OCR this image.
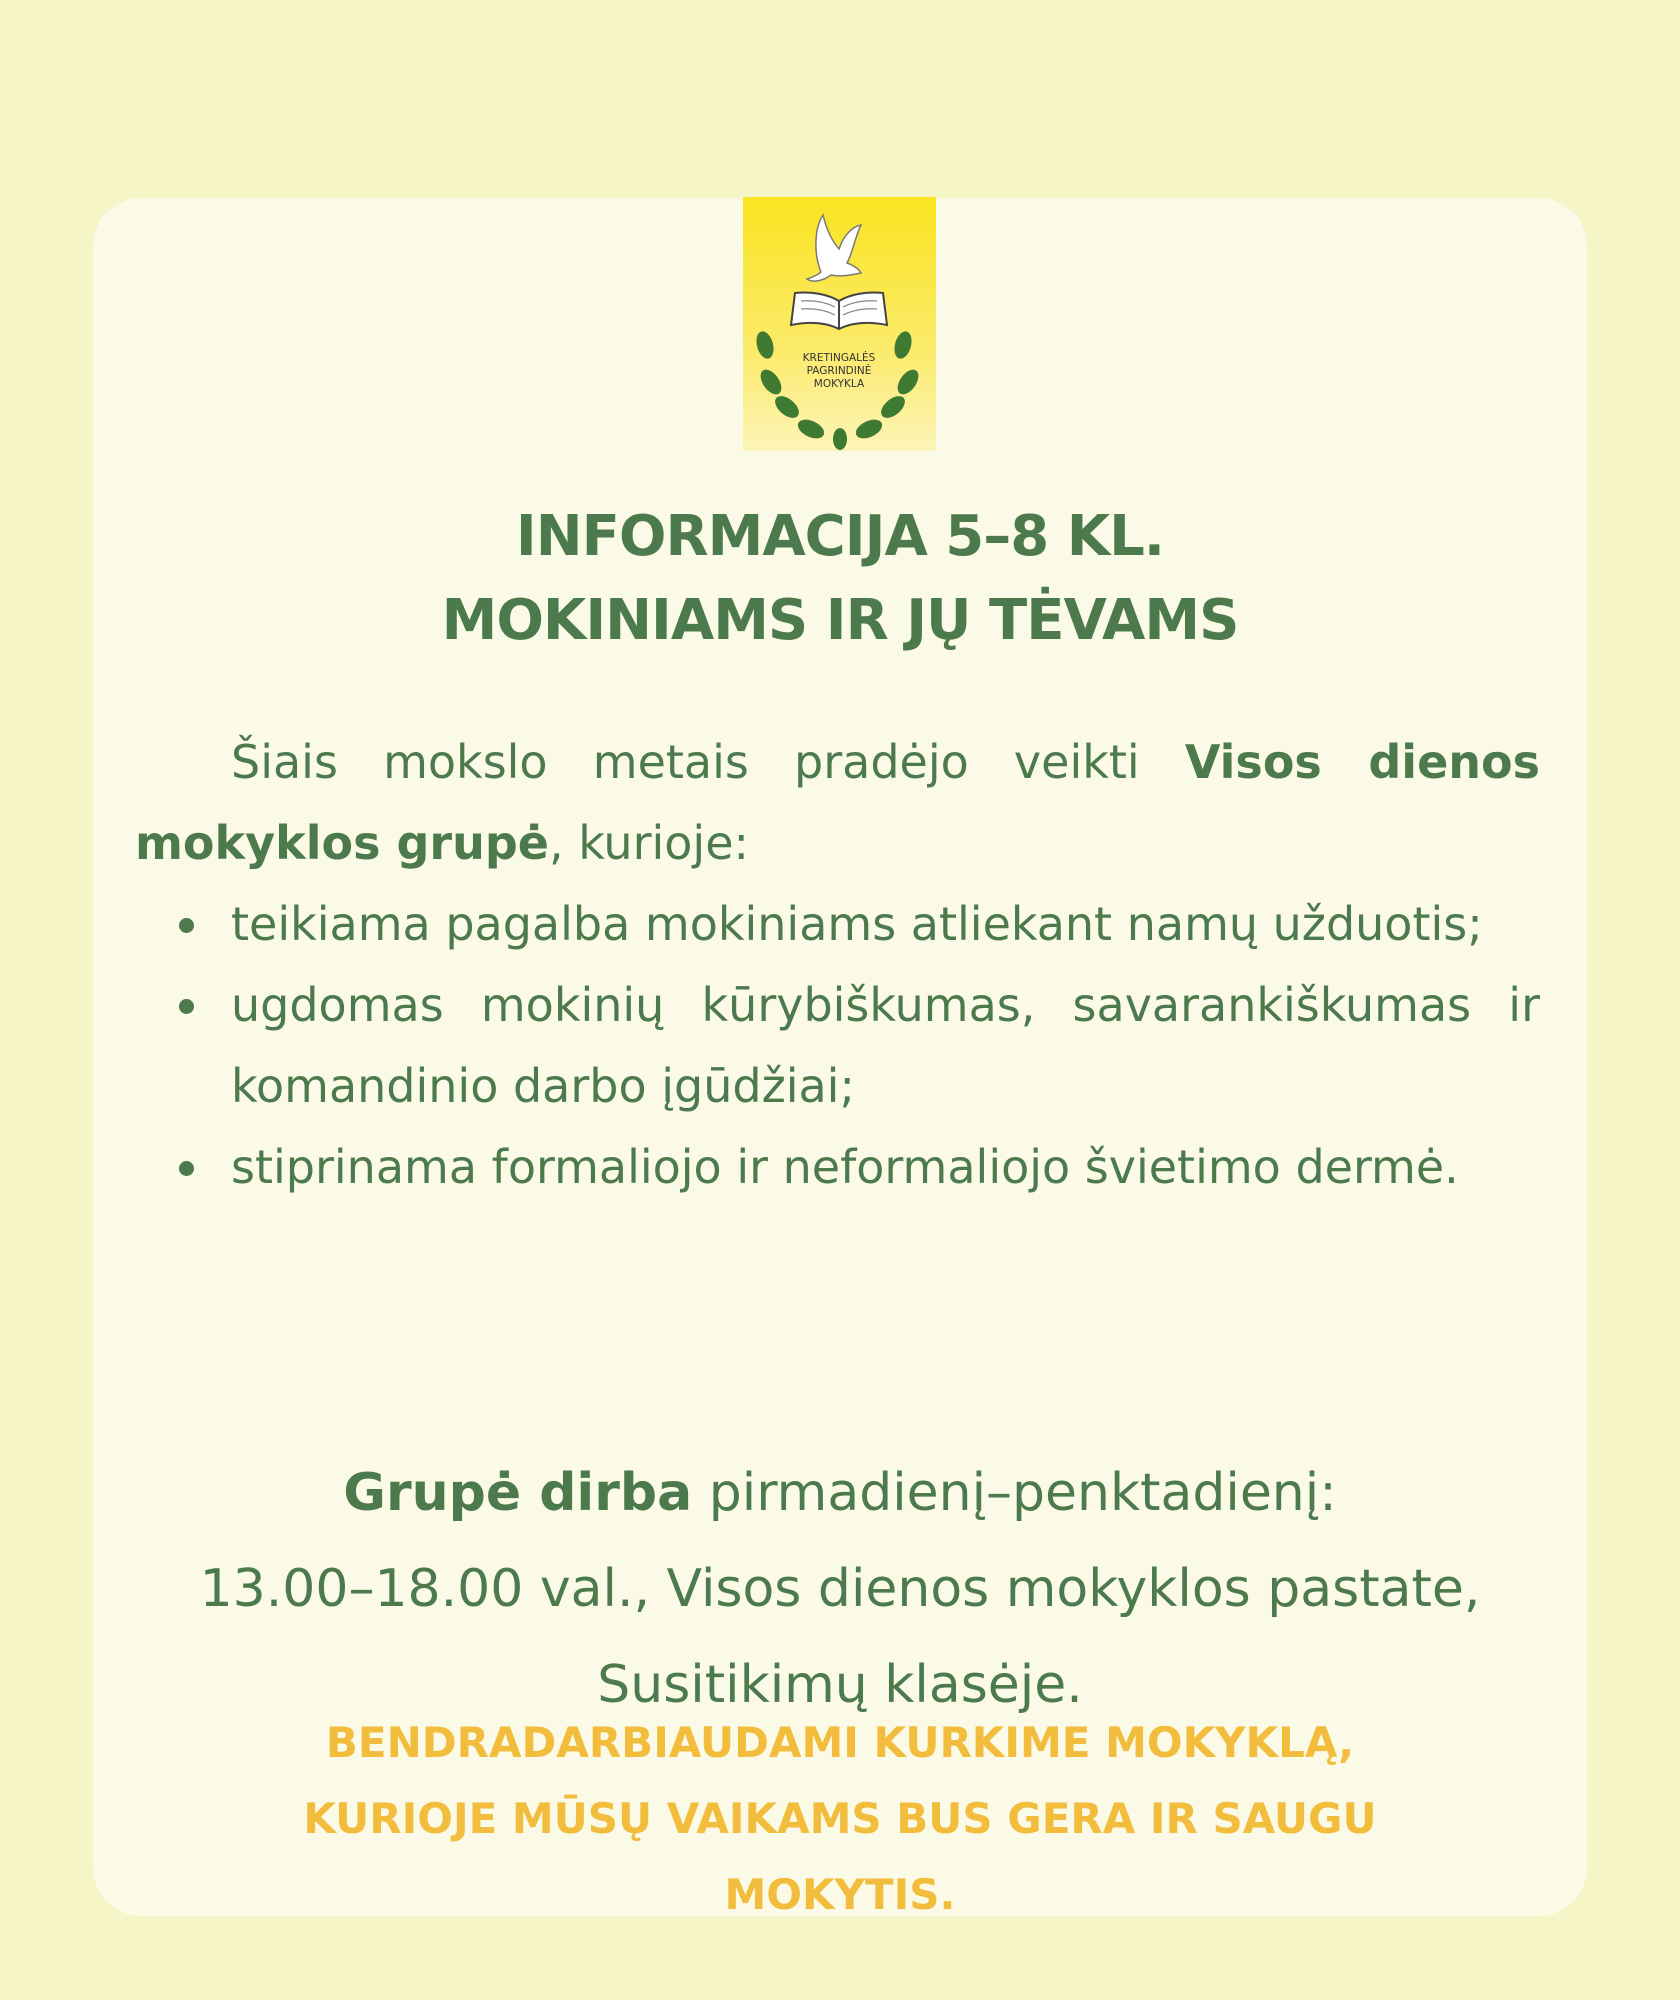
KRETINGALĖS
PAGRINDINĖ
MOKYKLA
INFORMACIJA 5–8 KL.
MOKINIAMS IR JŲ TĖVAMS

Šiais mokslo metais pradėjo veikti Visos dienos mokyklos grupė, kurioje:

teikiama pagalba mokiniams atliekant namų užduotis;
ugdomas mokinių kūrybiškumas, savarankiškumas ir komandinio darbo įgūdžiai;
stiprinama formaliojo ir neformaliojo švietimo dermė.
Grupė dirba pirmadienį–penktadienį:
13.00–18.00 val., Visos dienos mokyklos pastate,
Susitikimų klasėje.
BENDRADARBIAUDAMI KURKIME MOKYKLĄ,
KURIOJE MŪSŲ VAIKAMS BUS GERA IR SAUGU
MOKYTIS.
